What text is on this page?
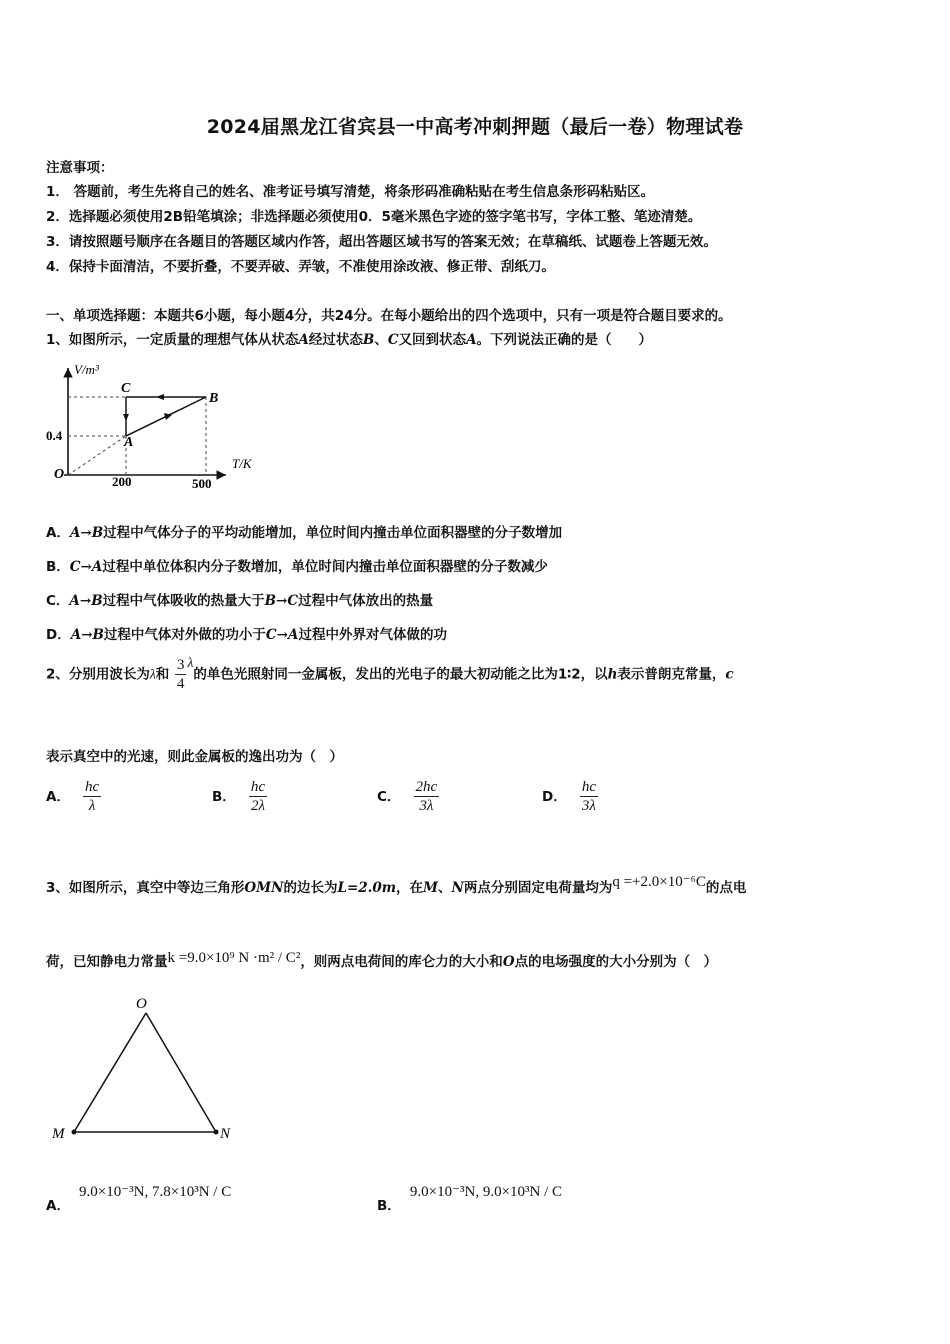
2024届黑龙江省宾县一中高考冲刺押题（最后一卷）物理试卷
注意事项：
1． 答题前，考生先将自己的姓名、准考证号填写清楚，将条形码准确粘贴在考生信息条形码粘贴区。
2．选择题必须使用2B铅笔填涂；非选择题必须使用0．5毫米黑色字迹的签字笔书写，字体工整、笔迹清楚。
3．请按照题号顺序在各题目的答题区域内作答，超出答题区域书写的答案无效；在草稿纸、试题卷上答题无效。
4．保持卡面清洁，不要折叠，不要弄破、弄皱，不准使用涂改液、修正带、刮纸刀。
一、单项选择题：本题共6小题，每小题4分，共24分。在每小题给出的四个选项中，只有一项是符合题目要求的。
1、如图所示，一定质量的理想气体从状态A经过状态B、C又回到状态A。下列说法正确的是（　　）
V/m³
T/K
O
0.4
200	500
A
B
C
A．A→B过程中气体分子的平均动能增加，单位时间内撞击单位面积器壁的分子数增加
B．C→A过程中单位体积内分子数增加，单位时间内撞击单位面积器壁的分子数减少
C．A→B过程中气体吸收的热量大于B→C过程中气体放出的热量
D．A→B过程中气体对外做的功小于C→A过程中外界对气体做的功
2、分别用波长为λ和 $\frac{3}{4}$ λ的单色光照射同一金属板，发出的光电子的最大初动能之比为1∶2，以h表示普朗克常量，c
表示真空中的光速，则此金属板的逸出功为（　）
A． $\frac{hc}{\lambda}$	B． $\frac{hc}{2\lambda}$	C． $\frac{2hc}{3\lambda}$	D． $\frac{hc}{3\lambda}$
3、如图所示，真空中等边三角形OMN的边长为L=2.0m，在M、N两点分别固定电荷量均为q =+2.0×10⁻⁶C的点电
荷，已知静电力常量k =9.0×10⁹ N ·m² / C²，则两点电荷间的库仑力的大小和O点的电场强度的大小分别为（　）
O
M	N
$_{A.}$ 9.0×10⁻³N, 7.8×10³N / C
$_{B.}$ 9.0×10⁻³N, 9.0×10³N / C
